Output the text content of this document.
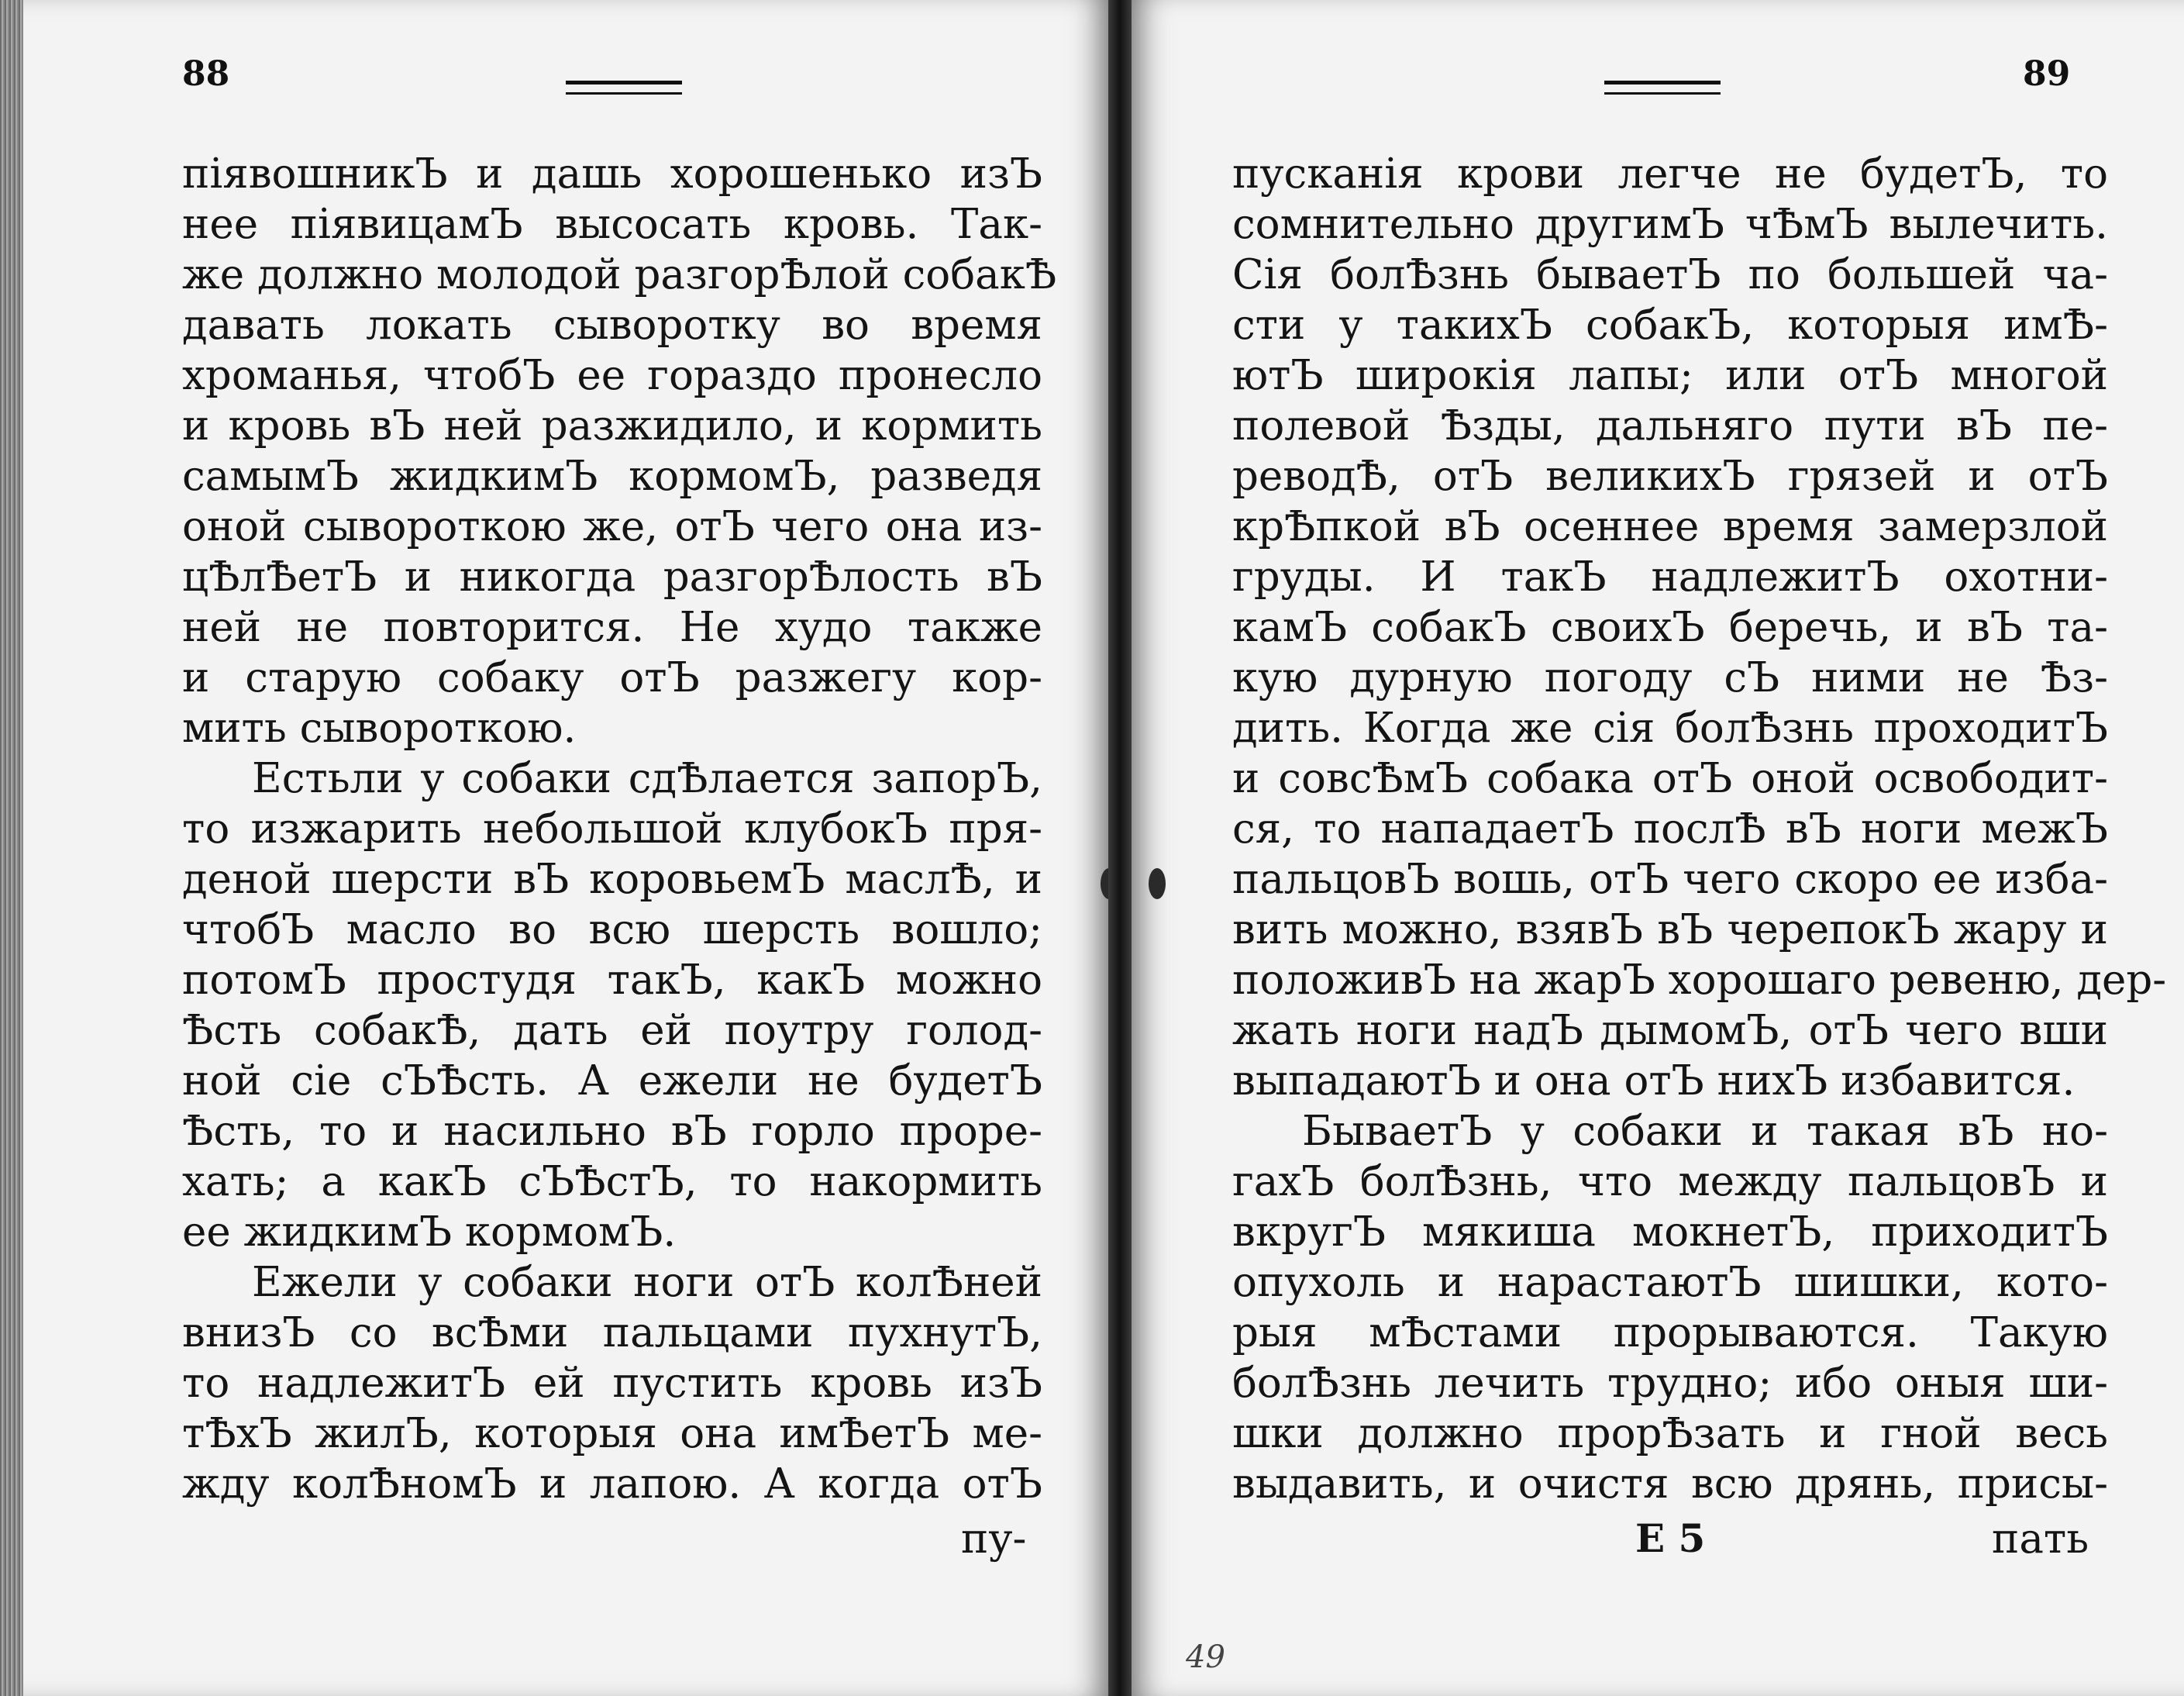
88
піявошникЪ и дашь хорошенько изЪ
нее піявицамЪ высосать кровь. Так-
же должно молодой разгорѢлой собакѢ
давать локать сыворотку во время
хроманья, чтобЪ ее гораздо пронесло
и кровь вЪ ней разжидило, и кормить
самымЪ жидкимЪ кормомЪ, разведя
оной сывороткою же, отЪ чего она из-
цѢлѢетЪ и никогда разгорѢлость вЪ
ней не повторится. Не худо также
и старую собаку отЪ разжегу кор-
мить сывороткою.
Естьли у собаки сдѢлается запорЪ,
то изжарить небольшой клубокЪ пря-
деной шерсти вЪ коровьемЪ маслѢ, и
чтобЪ масло во всю шерсть вошло;
потомЪ простудя такЪ, какЪ можно
Ѣсть собакѢ, дать ей поутру голод-
ной сіе сЪѢсть. А ежели не будетЪ
Ѣсть, то и насильно вЪ горло прope-
хать; а какЪ сЪѢстЪ, то накормить
ее жидкимЪ кормомЪ.
Ежели у собаки ноги отЪ колѢней
внизЪ со всѢми пальцами пухнутЪ,
то надлежитЪ ей пустить кровь изЪ
тѢхЪ жилЪ, которыя она имѢетЪ ме-
жду колѢномЪ и лапою. А когда отЪ
пу-
89
пусканія крови легче не будетЪ, то
сомнительно другимЪ чѢмЪ вылечить.
Сія болѢзнь бываетЪ по большей ча-
сти у такихЪ собакЪ, которыя имѢ-
ютЪ широкія лапы; или отЪ многой
полевой Ѣзды, дальняго пути вЪ пе-
реводѢ, отЪ великихЪ грязей и отЪ
крѢпкой вЪ осеннее время замерзлой
груды. И такЪ надлежитЪ охотни-
камЪ собакЪ своихЪ беречь, и вЪ та-
кую дурную погоду сЪ ними не Ѣз-
дить. Когда же сія болѢзнь проходитЪ
и совсѢмЪ собака отЪ оной освободит-
ся, то нападаетЪ послѢ вЪ ноги межЪ
пальцовЪ вошь, отЪ чего скоро ее изба-
вить можно, взявЪ вЪ черепокЪ жару и
положивЪ на жарЪ хорошаго ревеню, дер-
жать ноги надЪ дымомЪ, отЪ чего вши
выпадаютЪ и она отЪ нихЪ избавится.
БываетЪ у собаки и такая вЪ но-
гахЪ болѢзнь, что между пальцовЪ и
вкругЪ мякиша мокнетЪ, приходитЪ
опухоль и нарастаютЪ шишки, кото-
рыя мѢстами прорываются. Такую
болѢзнь лечить трудно; ибо оныя ши-
шки должно прорѢзать и гной весь
выдавить, и очистя всю дрянь, присы-
Е 5	пать
49
